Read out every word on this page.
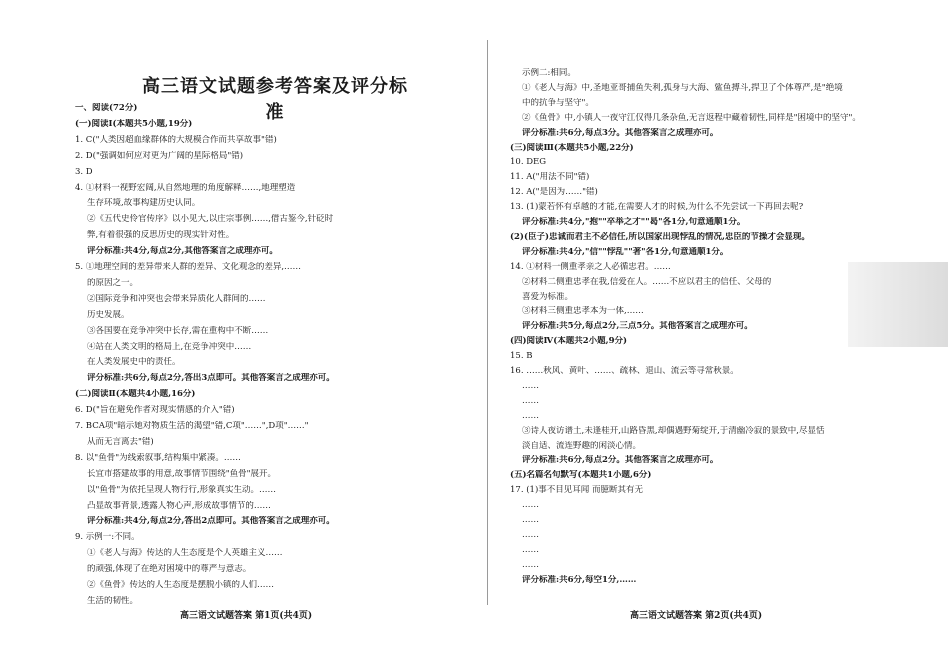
高三语文试题参考答案及评分标准
一、阅读(72分)
(一)阅读Ⅰ(本题共5小题,19分)
1. C("人类因超血缘群体的大规模合作而共享故事"错)
2. D("强调如何应对更为广阔的星际格局"错)
3. D
4. ①材料一视野宏阔,从自然地理的角度解释……,地理塑造
生存环境,故事构建历史认同。
②《五代史伶官传序》以小见大,以庄宗事例……,借古鉴今,针砭时
弊,有着很强的反思历史的现实针对性。
评分标准:共4分,每点2分,其他答案言之成理亦可。
5. ①地理空间的差异带来人群的差异、文化观念的差异,……
的原因之一。
②国际竞争和冲突也会带来异质化人群间的……
历史发展。
③各国要在竞争冲突中长存,需在重构中不断……
④站在人类文明的格局上,在竞争冲突中……
在人类发展史中的责任。
评分标准:共6分,每点2分,答出3点即可。其他答案言之成理亦可。
(二)阅读Ⅱ(本题共4小题,16分)
6. D("旨在避免作者对现实情感的介入"错)
7. BCA项"暗示她对物质生活的渴望"错,C项"……",D项"……"
从而无言离去"错)
8. 以"鱼骨"为线索叙事,结构集中紧凑。……
长宜市搭建故事的用意,故事情节围绕"鱼骨"展开。
以"鱼骨"为依托呈现人物行行,形象真实生动。……
凸显故事背景,透露人物心声,形成故事情节的……
评分标准:共4分,每点2分,答出2点即可。其他答案言之成理亦可。
9. 示例一:不同。
①《老人与海》传达的人生态度是个人英雄主义……
的顽强,体现了在绝对困境中的尊严与意志。
②《鱼骨》传达的人生态度是摆脱小镇的人们……
生活的韧性。
示例二:相同。
①《老人与海》中,圣地亚哥捕鱼失利,孤身与大海、鲨鱼搏斗,捍卫了个体尊严,是"绝境
中的抗争与坚守"。
②《鱼骨》中,小镇人一夜守江仅得几条杂鱼,无言返程中藏着韧性,同样是"困境中的坚守"。
评分标准:共6分,每点3分。其他答案言之成理亦可。
(三)阅读Ⅲ(本题共5小题,22分)
10. DEG
11. A("用法不同"错)
12. A("是因为……"错)
13. (1)蒙若怀有卓越的才能,在需要人才的时候,为什么不先尝试一下再回去呢?
评分标准:共4分,"抱""卒举之才""曷"各1分,句意通顺1分。
(2)(臣子)忠诚而君主不必信任,所以国家出现悖乱的情况,忠臣的节操才会显现。
评分标准:共4分,"信""悖乱""著"各1分,句意通顺1分。
14. ①材料一侧重孝亲之人必循忠君。……
②材料二侧重忠孝在我,信爱在人。……不应以君主的信任、父母的
喜爱为标准。
③材料三侧重忠孝本为一体,……
评分标准:共5分,每点2分,三点5分。其他答案言之成理亦可。
(四)阅读Ⅳ(本题共2小题,9分)
15. B
16. ……秋风、黄叶、……、疏林、退山、流云等寻常秋景。
……
……
……
③诗人夜访谱土,未逢桂开,山路昏黑,却偶遇野菊绽开,于清幽冷寂的景致中,尽显恬
淡自适、流连野趣的闲淡心情。
评分标准:共6分,每点2分。其他答案言之成理亦可。
(五)名篇名句默写(本题共1小题,6分)
17. (1)事不目见耳闻 而臆断其有无
……
……
……
……
……
评分标准:共6分,每空1分,……
高三语文试题答案 第1页(共4页)	高三语文试题答案 第2页(共4页)
